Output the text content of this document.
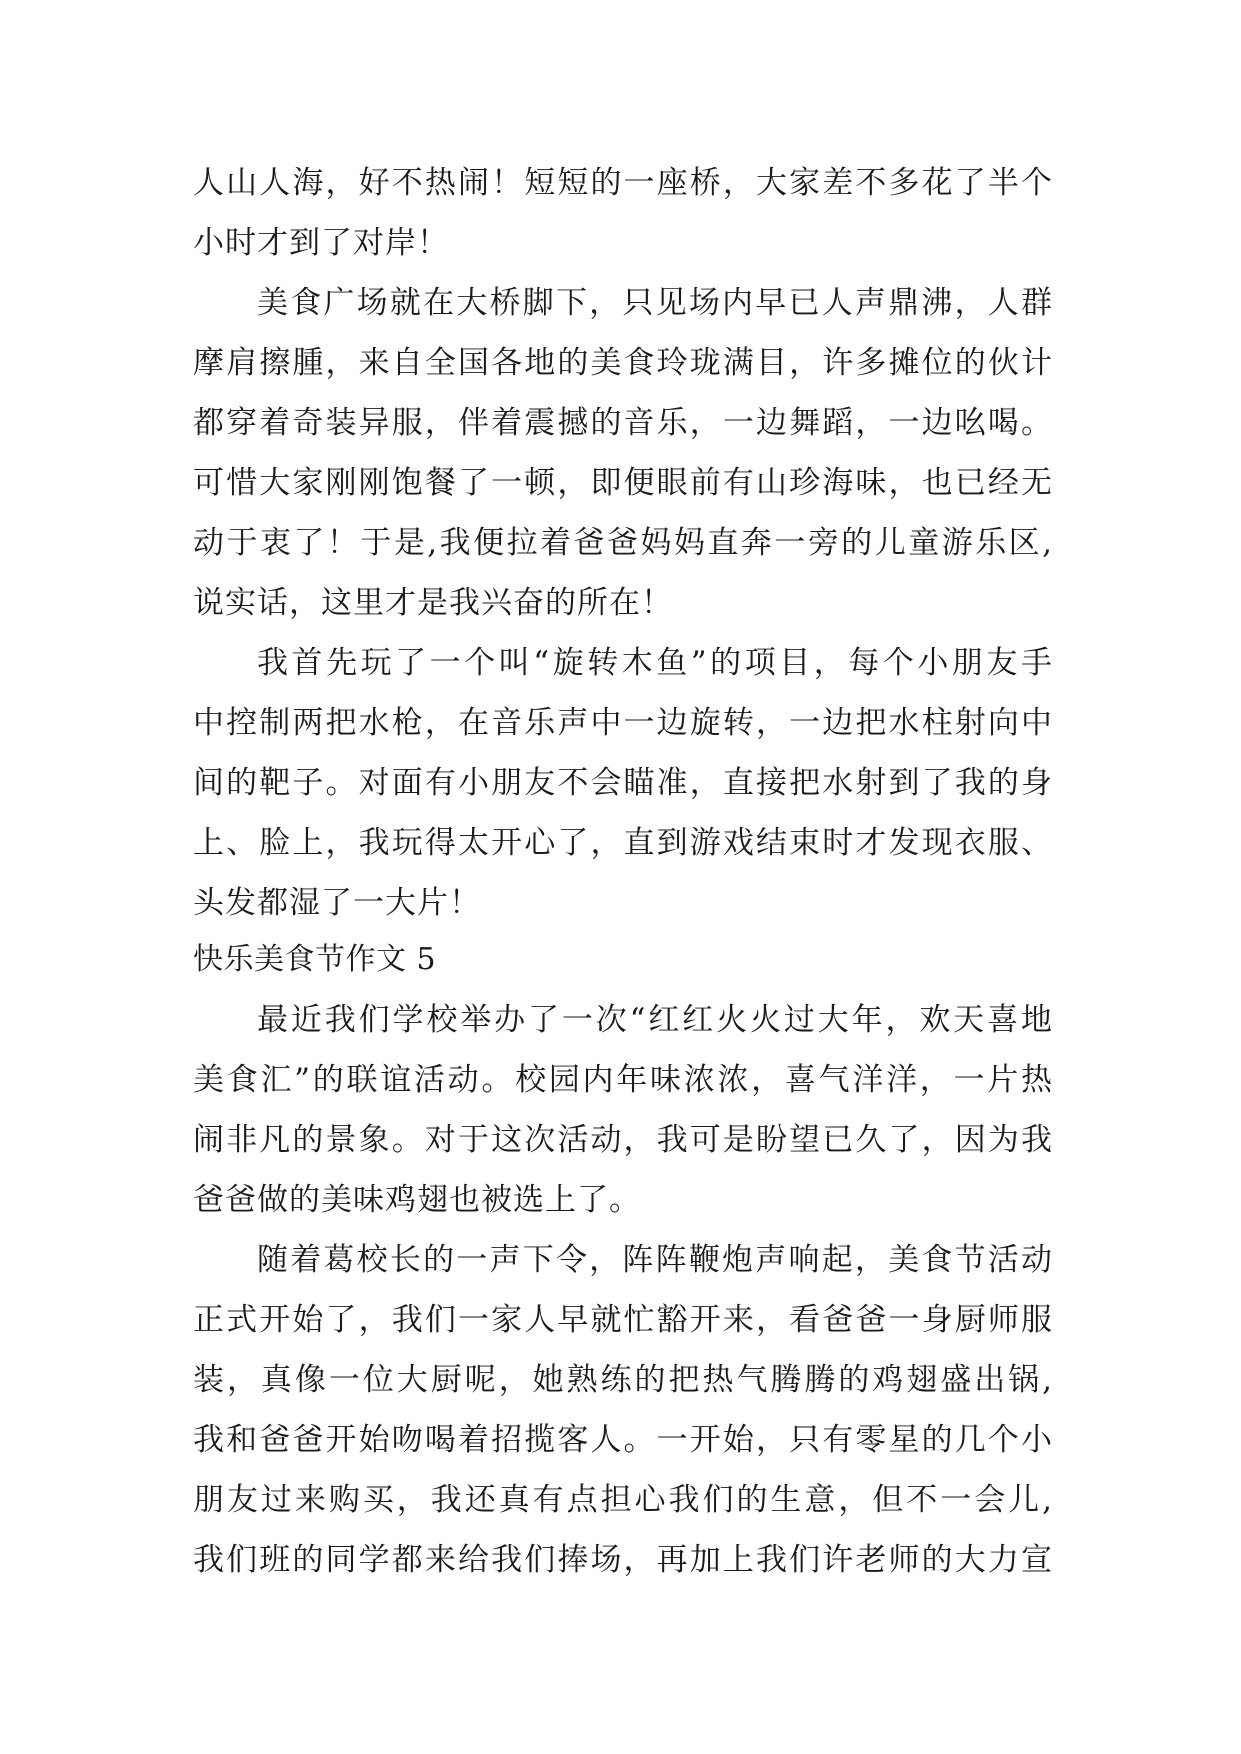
人山人海，好不热闹！短短的一座桥，大家差不多花了半个
小时才到了对岸！
美食广场就在大桥脚下，只见场内早已人声鼎沸，人群
摩肩擦腫，来自全国各地的美食玲珑满目，许多摊位的伙计
都穿着奇装异服，伴着震撼的音乐，一边舞蹈，一边吆喝。
可惜大家刚刚饱餐了一顿，即便眼前有山珍海味，也已经无
动于衷了！于是,我便拉着爸爸妈妈直奔一旁的儿童游乐区,
说实话，这里才是我兴奋的所在！
我首先玩了一个叫“旋转木鱼”的项目，每个小朋友手
中控制两把水枪，在音乐声中一边旋转，一边把水柱射向中
间的靶子。对面有小朋友不会瞄准，直接把水射到了我的身
上、脸上，我玩得太开心了，直到游戏结束时才发现衣服、
头发都湿了一大片！
快乐美食节作文 5
最近我们学校举办了一次“红红火火过大年，欢天喜地
美食汇”的联谊活动。校园内年味浓浓，喜气洋洋，一片热
闹非凡的景象。对于这次活动，我可是盼望已久了，因为我
爸爸做的美味鸡翅也被选上了。
随着葛校长的一声下令，阵阵鞭炮声响起，美食节活动
正式开始了，我们一家人早就忙豁开来，看爸爸一身厨师服
装，真像一位大厨呢，她熟练的把热气腾腾的鸡翅盛出锅,
我和爸爸开始吻喝着招揽客人。一开始，只有零星的几个小
朋友过来购买，我还真有点担心我们的生意，但不一会儿,
我们班的同学都来给我们捧场，再加上我们许老师的大力宣
